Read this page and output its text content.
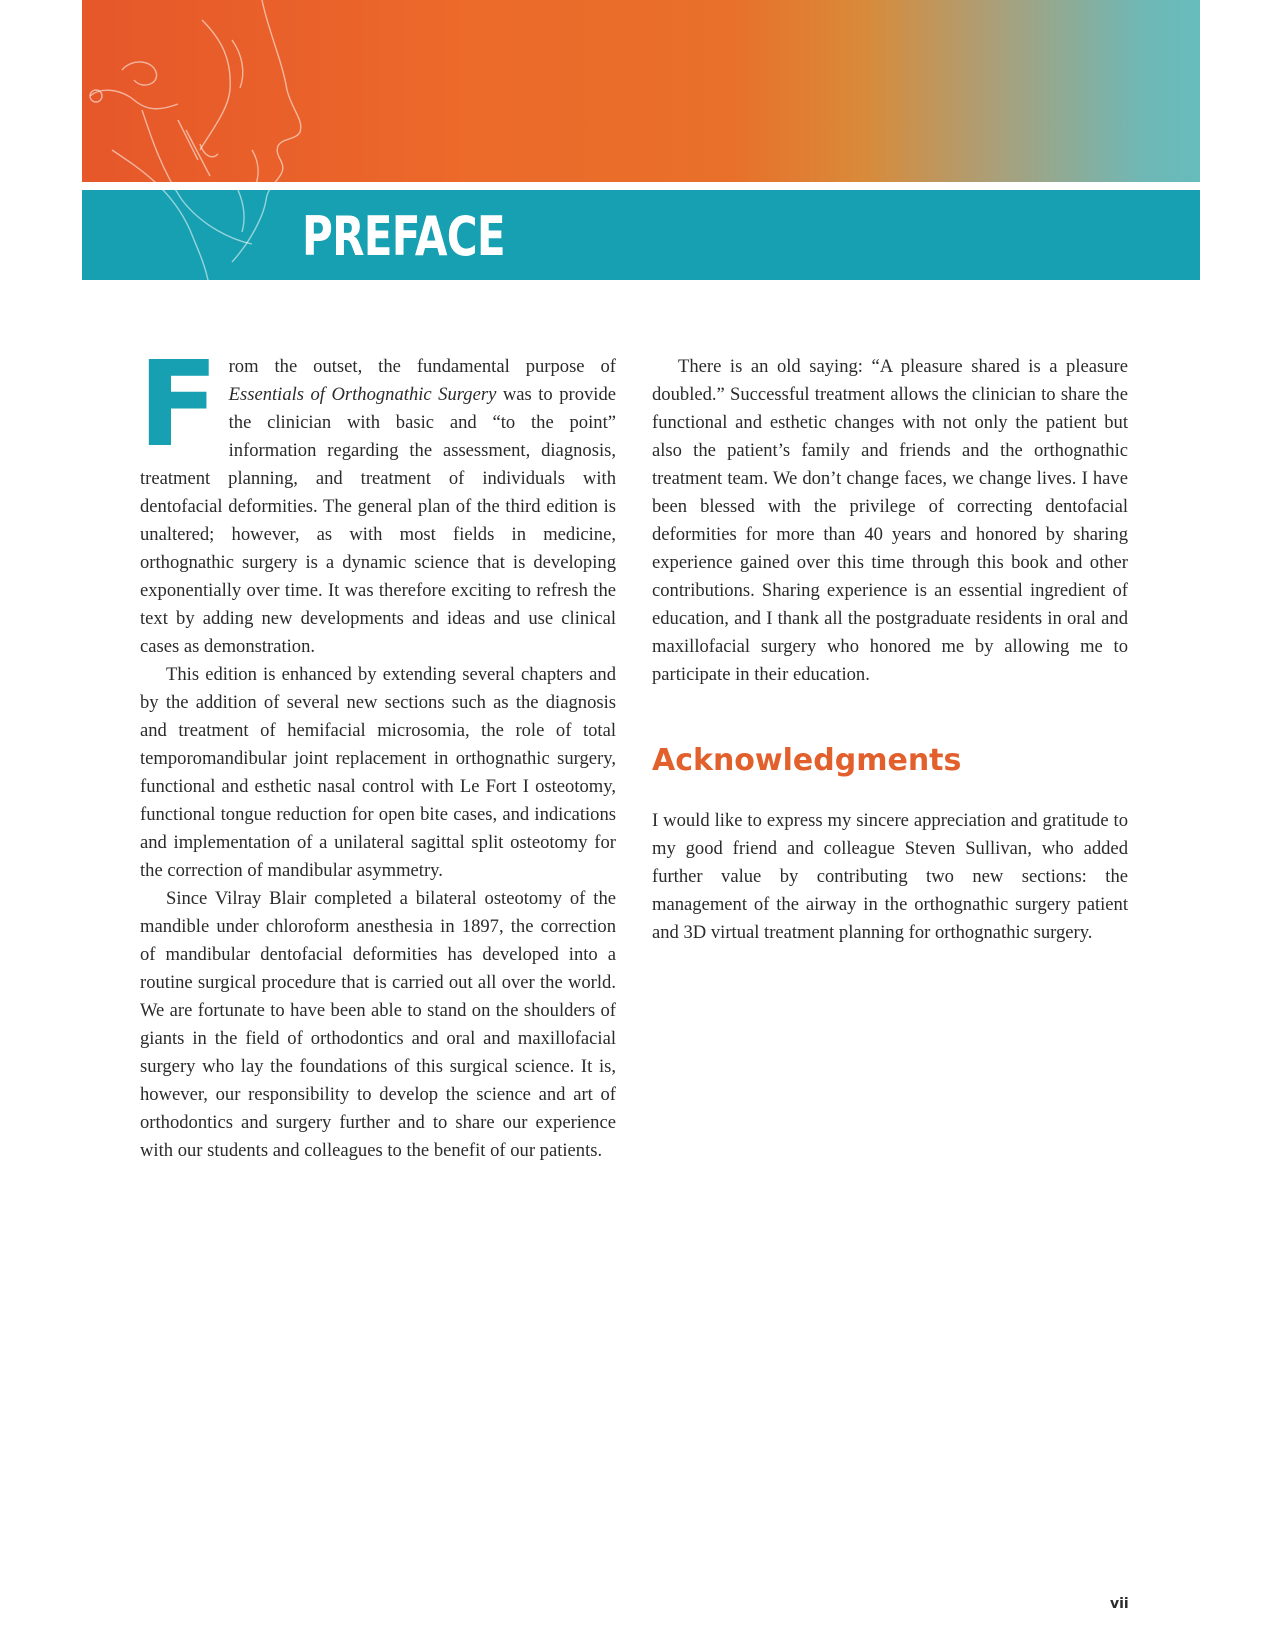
PREFACE

From the outset, the fundamental purpose of Essentials of Orthognathic Surgery was to provide the clinician with basic and “to the point” information regarding the assessment, diagnosis, treatment planning, and treatment of individuals with dentofacial deformities. The general plan of the third edition is unaltered; however, as with most fields in medicine, orthognathic surgery is a dynamic science that is developing exponentially over time. It was therefore exciting to refresh the text by adding new developments and ideas and use clinical cases as demonstration.

This edition is enhanced by extending several chapters and by the addition of several new sections such as the diagnosis and treatment of hemifacial microsomia, the role of total temporomandibular joint replacement in orthognathic surgery, functional and esthetic nasal control with Le Fort I osteotomy, functional tongue reduction for open bite cases, and indications and implementation of a unilateral sagittal split osteotomy for the correction of mandibular asymmetry.

Since Vilray Blair completed a bilateral osteotomy of the mandible under chloroform anesthesia in 1897, the correction of mandibular dentofacial deformities has developed into a routine surgical procedure that is carried out all over the world. We are fortunate to have been able to stand on the shoulders of giants in the field of orthodontics and oral and maxillofacial surgery who lay the foundations of this surgical science. It is, however, our responsibility to develop the science and art of orthodontics and surgery further and to share our experience with our students and colleagues to the benefit of our patients.

There is an old saying: “A pleasure shared is a pleasure doubled.” Successful treatment allows the clinician to share the functional and esthetic changes with not only the patient but also the patient’s family and friends and the orthognathic treatment team. We don’t change faces, we change lives. I have been blessed with the privilege of correcting dentofacial deformities for more than 40 years and honored by sharing experience gained over this time through this book and other contributions. Sharing experience is an essential ingredient of education, and I thank all the postgraduate residents in oral and maxillofacial surgery who honored me by allowing me to participate in their education.

Acknowledgments

I would like to express my sincere appreciation and gratitude to my good friend and colleague Steven Sullivan, who added further value by contributing two new sections: the management of the airway in the orthognathic surgery patient and 3D virtual treatment planning for orthognathic surgery.

vii
